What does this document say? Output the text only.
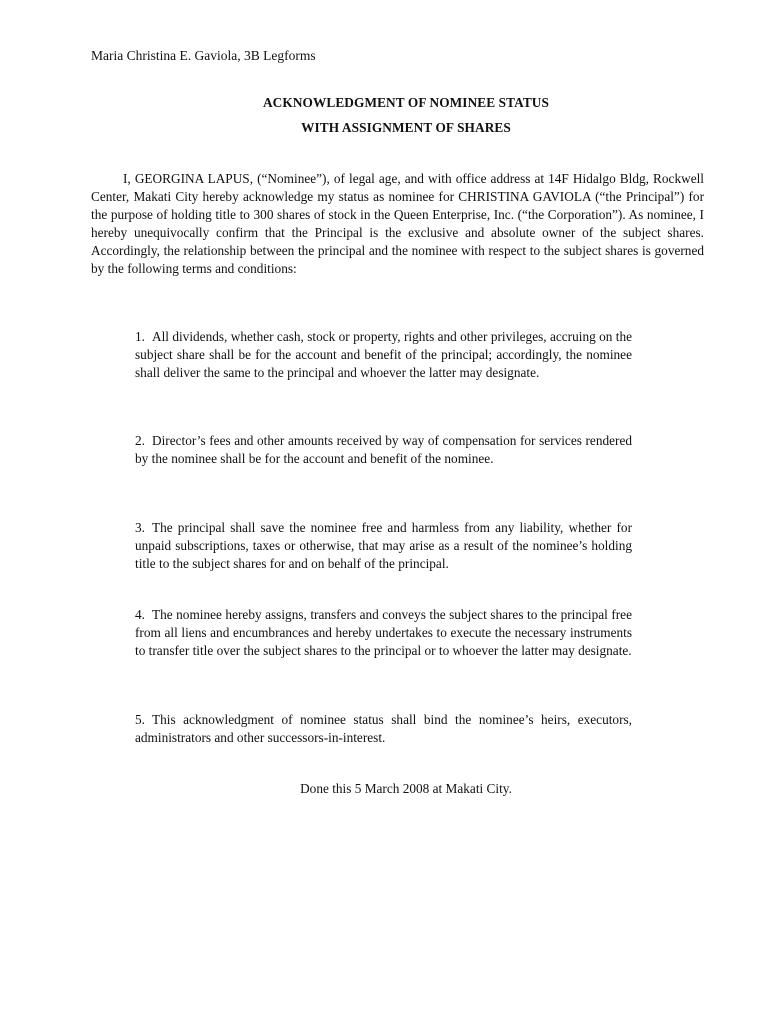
Maria Christina E. Gaviola, 3B Legforms
ACKNOWLEDGMENT OF NOMINEE STATUS
WITH ASSIGNMENT OF SHARES

I, GEORGINA LAPUS, (“Nominee”), of legal age, and with office address at 14F Hidalgo Bldg, Rockwell Center, Makati City hereby acknowledge my status as nominee for CHRISTINA GAVIOLA (“the Principal”) for the purpose of holding title to 300 shares of stock in the Queen Enterprise, Inc. (“the Corporation”). As nominee, I hereby unequivocally confirm that the Principal is the exclusive and absolute owner of the subject shares. Accordingly, the relationship between the principal and the nominee with respect to the subject shares is governed by the following terms and conditions:

1. All dividends, whether cash, stock or property, rights and other privileges, accruing on the subject share shall be for the account and benefit of the principal; accordingly, the nominee shall deliver the same to the principal and whoever the latter may designate.
2. Director’s fees and other amounts received by way of compensation for services rendered by the nominee shall be for the account and benefit of the nominee.
3. The principal shall save the nominee free and harmless from any liability, whether for unpaid subscriptions, taxes or otherwise, that may arise as a result of the nominee’s holding title to the subject shares for and on behalf of the principal.
4. The nominee hereby assigns, transfers and conveys the subject shares to the principal free from all liens and encumbrances and hereby undertakes to execute the necessary instruments to transfer title over the subject shares to the principal or to whoever the latter may designate.
5. This acknowledgment of nominee status shall bind the nominee’s heirs, executors, administrators and other successors-in-interest.
Done this 5 March 2008 at Makati City.
